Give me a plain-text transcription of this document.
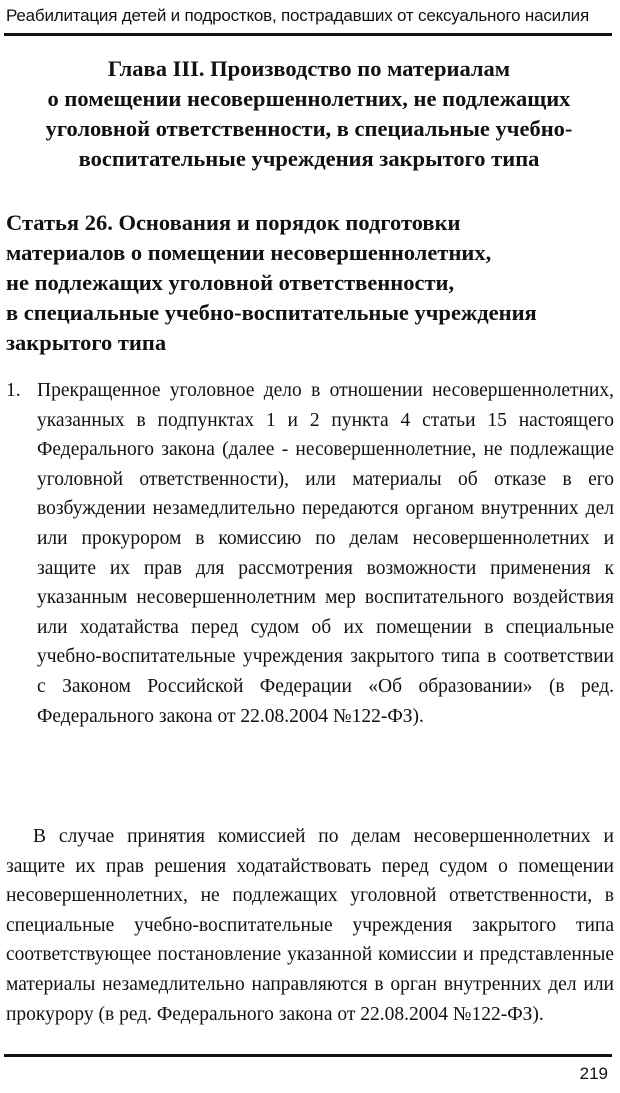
Реабилитация детей и подростков, пострадавших от сексуального насилия
Глава III. Производство по материалам
о помещении несовершеннолетних, не подлежащих
уголовной ответственности, в специальные учебно-
воспитательные учреждения закрытого типа
Статья 26. Основания и порядок подготовки
материалов о помещении несовершеннолетних,
не подлежащих уголовной ответственности,
в специальные учебно-воспитательные учреждения
закрытого типа
1. Прекращенное уголовное дело в отношении несовершеннолетних, указанных в подпунктах 1 и 2 пункта 4 статьи 15 настоящего Федерального закона (далее - несовершеннолетние, не подлежащие уголовной ответственности), или материалы об отказе в его возбуждении незамедлительно передаются органом внутренних дел или прокурором в комиссию по делам несовершеннолетних и защите их прав для рассмотрения возможности применения к указанным несовершеннолетним мер воспитательного воздействия или ходатайства перед судом об их помещении в специальные учебно-воспитательные учреждения закрытого типа в соответствии с Законом Российской Федерации «Об образовании» (в ред. Федерального закона от 22.08.2004 №122-ФЗ).
В случае принятия комиссией по делам несовершеннолетних и защите их прав решения ходатайствовать перед судом о помещении несовершеннолетних, не подлежащих уголовной ответственности, в специальные учебно-воспитательные учреждения закрытого типа соответствующее постановление указанной комиссии и представленные материалы незамедлительно направляются в орган внутренних дел или прокурору (в ред. Федерального закона от 22.08.2004 №122-ФЗ).
219
